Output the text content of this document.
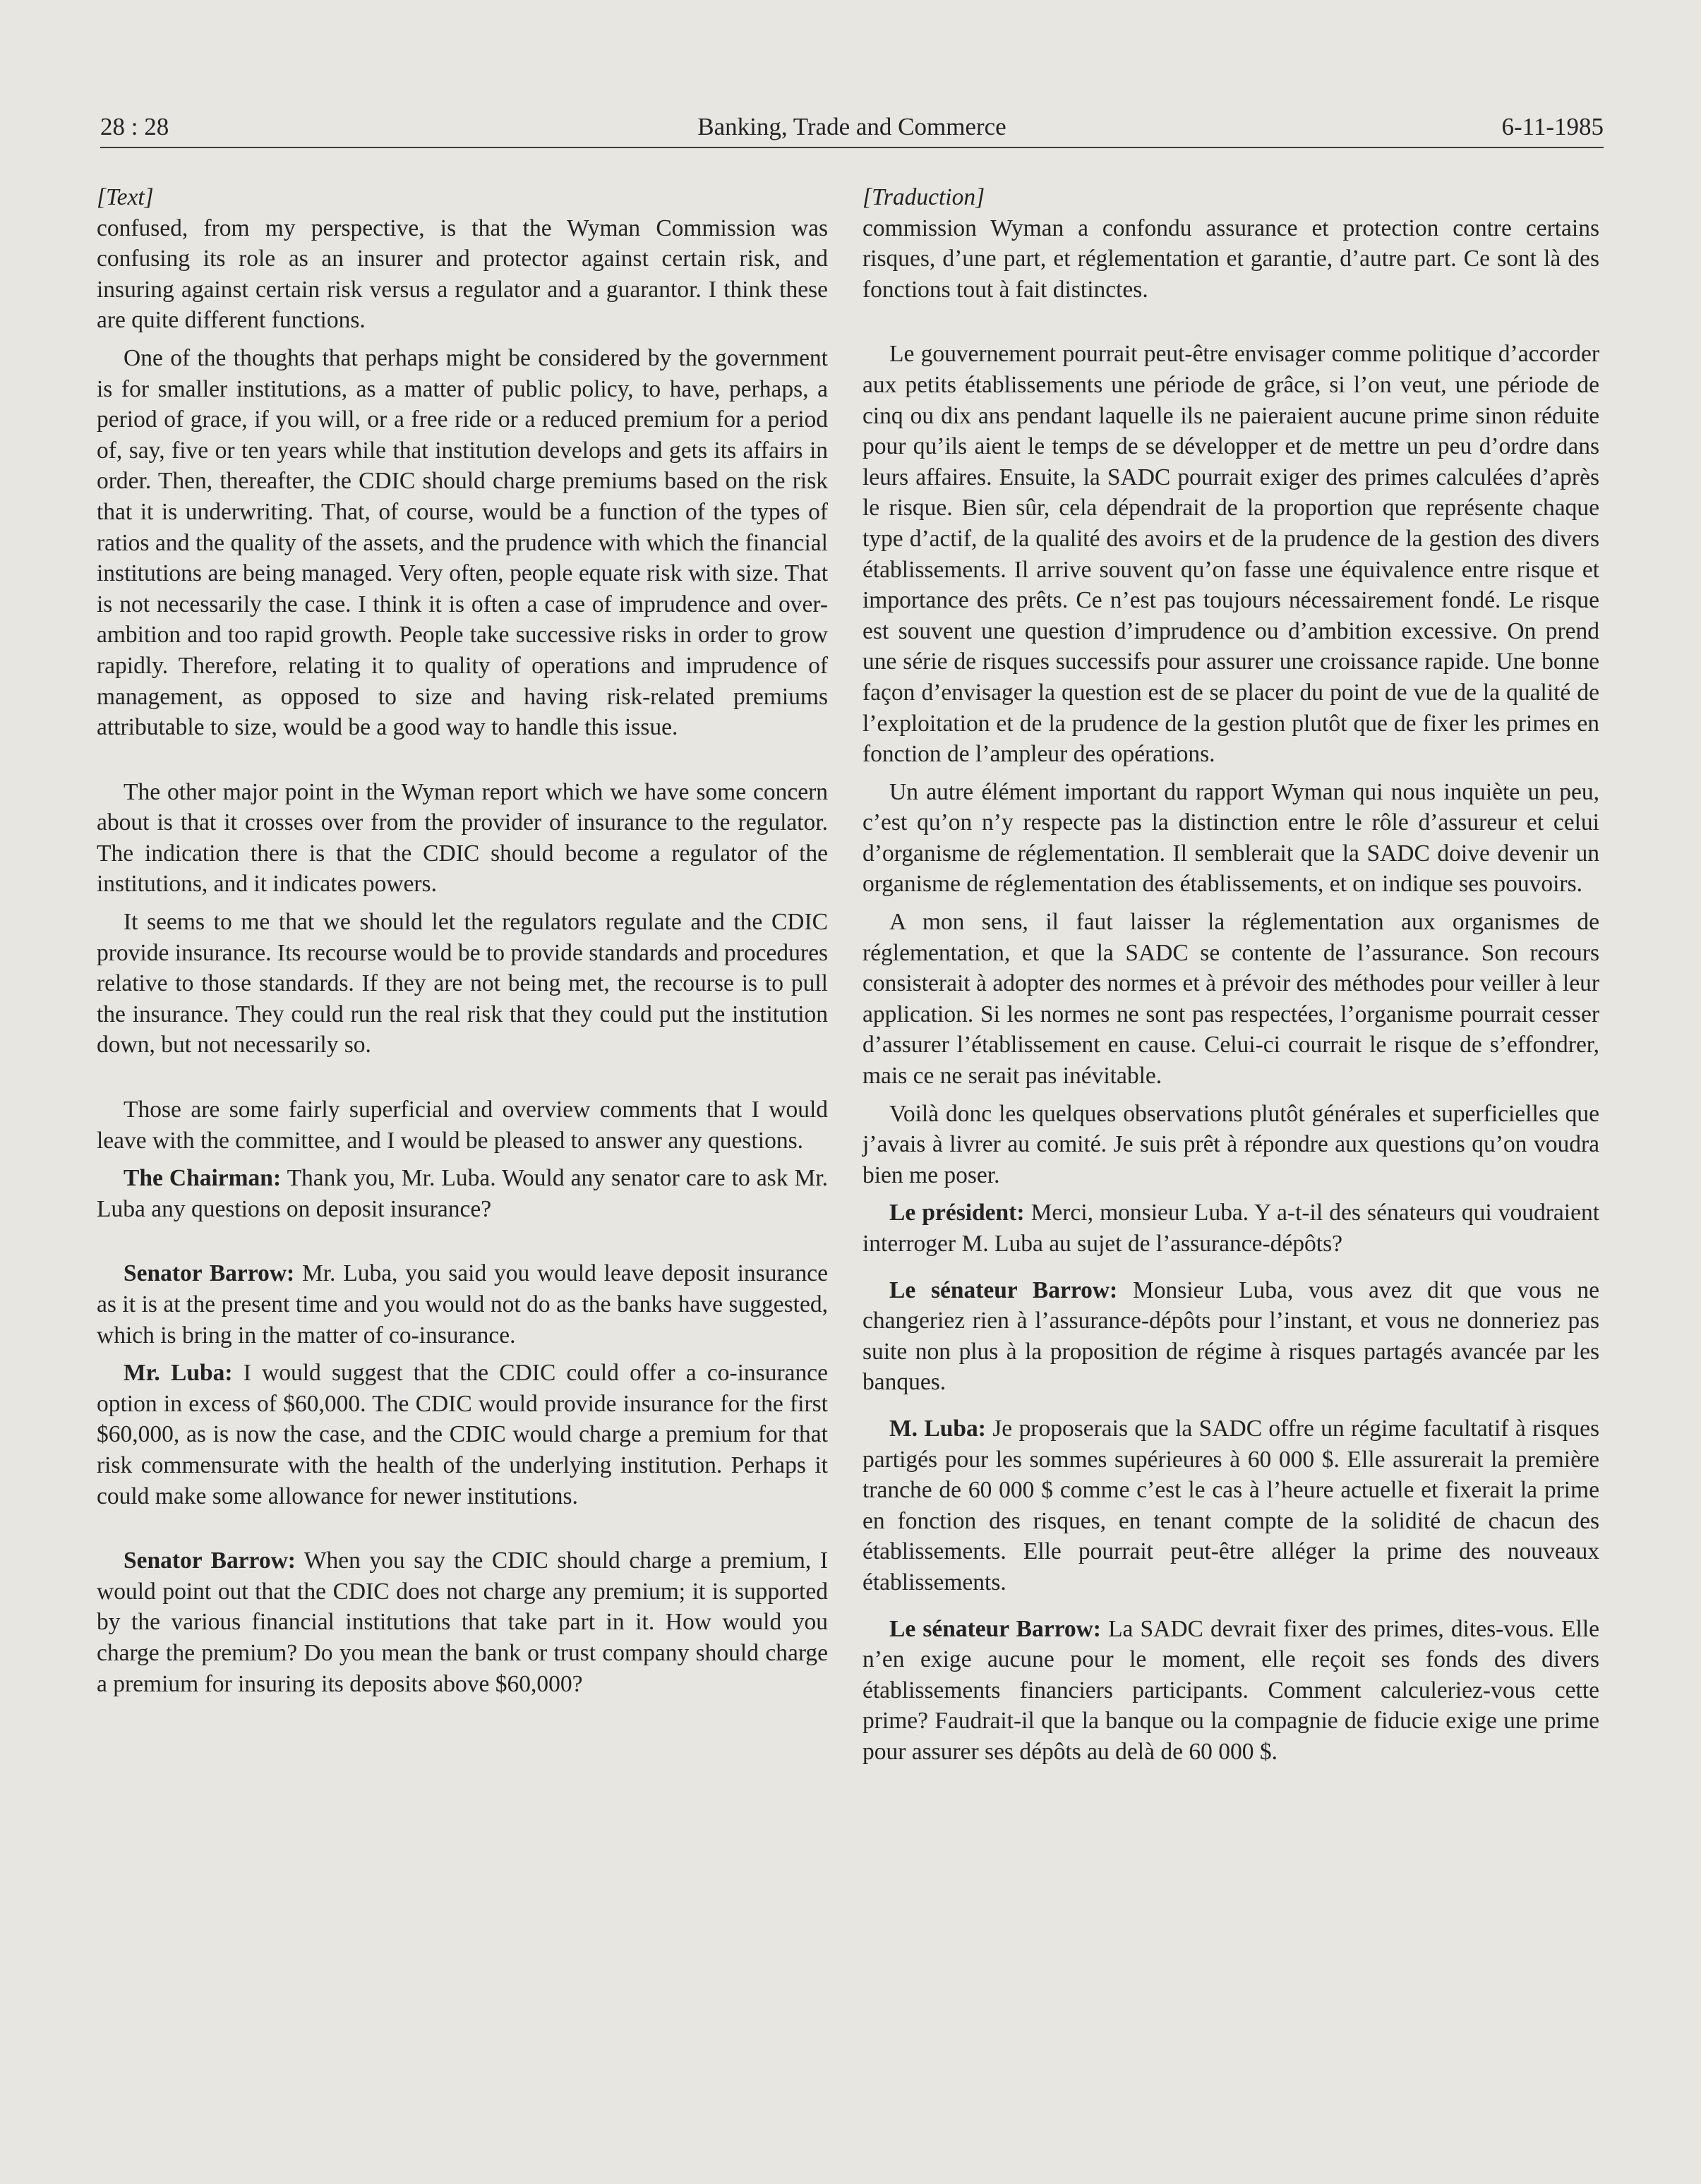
28 : 28	Banking, Trade and Commerce	6-11-1985

[Text]

confused, from my perspective, is that the Wyman Commission was confusing its role as an insurer and protector against certain risk, and insuring against certain risk versus a regulator and a guarantor. I think these are quite different functions.

One of the thoughts that perhaps might be considered by the government is for smaller institutions, as a matter of public policy, to have, perhaps, a period of grace, if you will, or a free ride or a reduced premium for a period of, say, five or ten years while that institution develops and gets its affairs in order. Then, thereafter, the CDIC should charge premiums based on the risk that it is underwriting. That, of course, would be a function of the types of ratios and the quality of the assets, and the prudence with which the financial institutions are being managed. Very often, people equate risk with size. That is not necessarily the case. I think it is often a case of imprudence and over-ambition and too rapid growth. People take successive risks in order to grow rapidly. Therefore, relating it to quality of operations and imprudence of management, as opposed to size and having risk-related premiums attributable to size, would be a good way to handle this issue.

The other major point in the Wyman report which we have some concern about is that it crosses over from the provider of insurance to the regulator. The indication there is that the CDIC should become a regulator of the institutions, and it indicates powers.

It seems to me that we should let the regulators regulate and the CDIC provide insurance. Its recourse would be to provide standards and procedures relative to those standards. If they are not being met, the recourse is to pull the insurance. They could run the real risk that they could put the institution down, but not necessarily so.

Those are some fairly superficial and overview comments that I would leave with the committee, and I would be pleased to answer any questions.

The Chairman: Thank you, Mr. Luba. Would any senator care to ask Mr. Luba any questions on deposit insurance?

Senator Barrow: Mr. Luba, you said you would leave deposit insurance as it is at the present time and you would not do as the banks have suggested, which is bring in the matter of co-insurance.

Mr. Luba: I would suggest that the CDIC could offer a co-insurance option in excess of $60,000. The CDIC would provide insurance for the first $60,000, as is now the case, and the CDIC would charge a premium for that risk commensurate with the health of the underlying institution. Perhaps it could make some allowance for newer institutions.

Senator Barrow: When you say the CDIC should charge a premium, I would point out that the CDIC does not charge any premium; it is supported by the various financial institutions that take part in it. How would you charge the premium? Do you mean the bank or trust company should charge a premium for insuring its deposits above $60,000?

[Traduction]

commission Wyman a confondu assurance et protection contre certains risques, d’une part, et réglementation et garantie, d’autre part. Ce sont là des fonctions tout à fait distinctes.

Le gouvernement pourrait peut-être envisager comme politique d’accorder aux petits établissements une période de grâce, si l’on veut, une période de cinq ou dix ans pendant laquelle ils ne paieraient aucune prime sinon réduite pour qu’ils aient le temps de se développer et de mettre un peu d’ordre dans leurs affaires. Ensuite, la SADC pourrait exiger des primes calculées d’après le risque. Bien sûr, cela dépendrait de la proportion que représente chaque type d’actif, de la qualité des avoirs et de la prudence de la gestion des divers établissements. Il arrive souvent qu’on fasse une équivalence entre risque et importance des prêts. Ce n’est pas toujours nécessairement fondé. Le risque est souvent une question d’imprudence ou d’ambition excessive. On prend une série de risques successifs pour assurer une croissance rapide. Une bonne façon d’envisager la question est de se placer du point de vue de la qualité de l’exploitation et de la prudence de la gestion plutôt que de fixer les primes en fonction de l’ampleur des opérations.

Un autre élément important du rapport Wyman qui nous inquiète un peu, c’est qu’on n’y respecte pas la distinction entre le rôle d’assureur et celui d’organisme de réglementation. Il semblerait que la SADC doive devenir un organisme de réglementation des établissements, et on indique ses pouvoirs.

A mon sens, il faut laisser la réglementation aux organismes de réglementation, et que la SADC se contente de l’assurance. Son recours consisterait à adopter des normes et à prévoir des méthodes pour veiller à leur application. Si les normes ne sont pas respectées, l’organisme pourrait cesser d’assurer l’établissement en cause. Celui-ci courrait le risque de s’effondrer, mais ce ne serait pas inévitable.

Voilà donc les quelques observations plutôt générales et superficielles que j’avais à livrer au comité. Je suis prêt à répondre aux questions qu’on voudra bien me poser.

Le président: Merci, monsieur Luba. Y a-t-il des sénateurs qui voudraient interroger M. Luba au sujet de l’assurance-dépôts?

Le sénateur Barrow: Monsieur Luba, vous avez dit que vous ne changeriez rien à l’assurance-dépôts pour l’instant, et vous ne donneriez pas suite non plus à la proposition de régime à risques partagés avancée par les banques.

M. Luba: Je proposerais que la SADC offre un régime facultatif à risques partigés pour les sommes supérieures à 60 000 $. Elle assurerait la première tranche de 60 000 $ comme c’est le cas à l’heure actuelle et fixerait la prime en fonction des risques, en tenant compte de la solidité de chacun des établissements. Elle pourrait peut-être alléger la prime des nouveaux établissements.

Le sénateur Barrow: La SADC devrait fixer des primes, dites-vous. Elle n’en exige aucune pour le moment, elle reçoit ses fonds des divers établissements financiers participants. Comment calculeriez-vous cette prime? Faudrait-il que la banque ou la compagnie de fiducie exige une prime pour assurer ses dépôts au delà de 60 000 $.
